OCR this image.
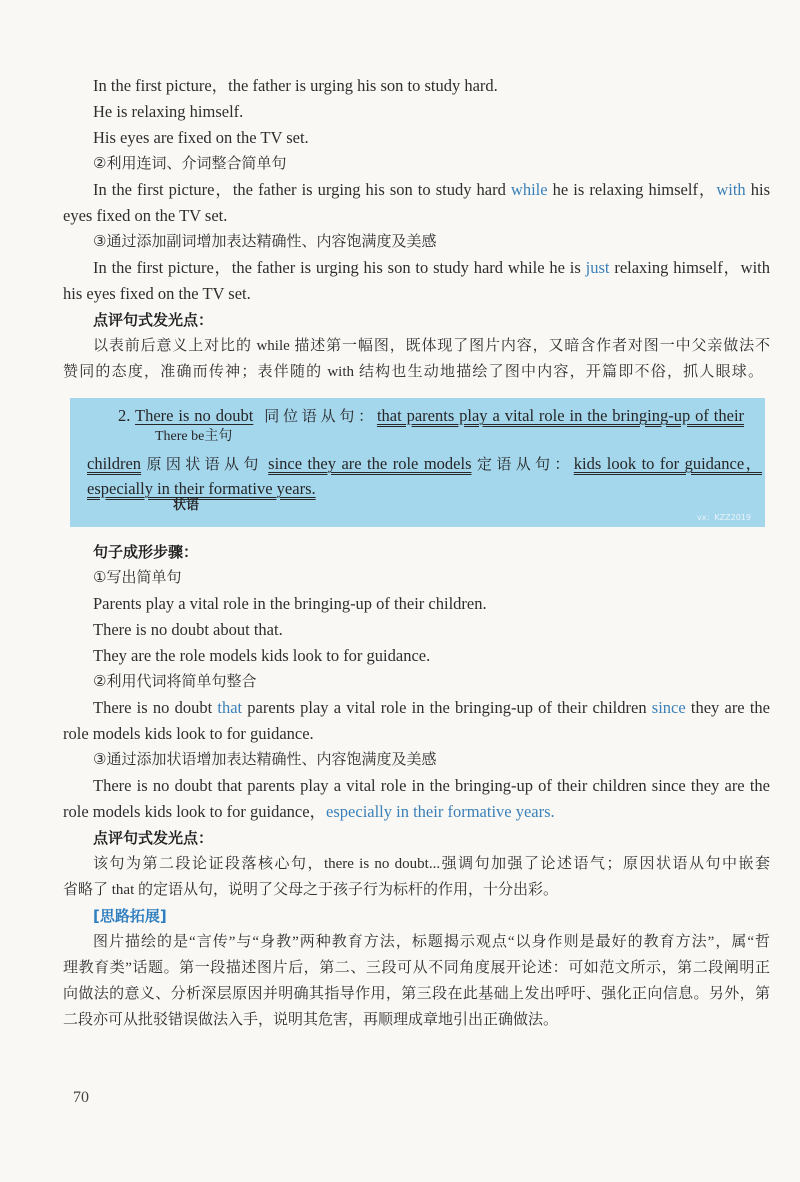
In the first picture，the father is urging his son to study hard.
He is relaxing himself.
His eyes are fixed on the TV set.
②利用连词、介词整合简单句
In the first picture，the father is urging his son to study hard while he is relaxing himself，with his
eyes fixed on the TV set.
③通过添加副词增加表达精确性、内容饱满度及美感
In the first picture，the father is urging his son to study hard while he is just relaxing himself，with
his eyes fixed on the TV set.
点评句式发光点：
以表前后意义上对比的 while 描述第一幅图，既体现了图片内容，又暗含作者对图一中父亲做法不
赞同的态度，准确而传神；表伴随的 with 结构也生动地描绘了图中内容，开篇即不俗，抓人眼球。
2. There is no doubt 同位语从句：that parents play a vital role in the bringing-up of their
There be主句
children 原因状语从句 since they are the role models 定语从句：kids look to for guidance，
especially in their formative years.
状语
vx：KZZ2019
句子成形步骤：
①写出简单句
Parents play a vital role in the bringing-up of their children.
There is no doubt about that.
They are the role models kids look to for guidance.
②利用代词将简单句整合
There is no doubt that parents play a vital role in the bringing-up of their children since they are the
role models kids look to for guidance.
③通过添加状语增加表达精确性、内容饱满度及美感
There is no doubt that parents play a vital role in the bringing-up of their children since they are the
role models kids look to for guidance，especially in their formative years.
点评句式发光点：
该句为第二段论证段落核心句，there is no doubt...强调句加强了论述语气；原因状语从句中嵌套
省略了 that 的定语从句，说明了父母之于孩子行为标杆的作用，十分出彩。
[思路拓展]
图片描绘的是“言传”与“身教”两种教育方法，标题揭示观点“以身作则是最好的教育方法”，属“哲
理教育类”话题。第一段描述图片后，第二、三段可从不同角度展开论述：可如范文所示，第二段阐明正
向做法的意义、分析深层原因并明确其指导作用，第三段在此基础上发出呼吁、强化正向信息。另外，第
二段亦可从批驳错误做法入手，说明其危害，再顺理成章地引出正确做法。
70
